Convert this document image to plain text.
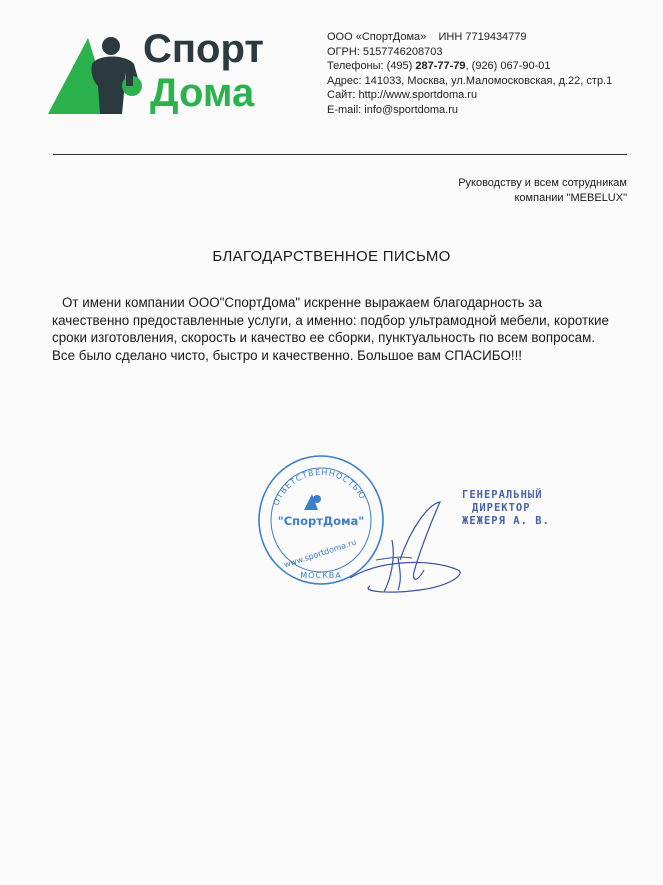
Спорт
Дома
ООО «СпортДома» ИНН 7719434779
ОГРН: 5157746208703
Телефоны: (495) 287-77-79, (926) 067-90-01
Адрес: 141033, Москва, ул.Маломосковская, д.22, стр.1
Сайт: http://www.sportdoma.ru
E-mail: info@sportdoma.ru
Руководству и всем сотрудникам
компании "MEBELUX"
БЛАГОДАРСТВЕННОЕ ПИСЬМО

От имени компании ООО"СпортДома" искренне выражаем благодарность за

качественно предоставленные услуги, а именно: подбор ультрамодной мебели, короткие
сроки изготовления, скорость и качество ее сборки, пунктуальность по всем вопросам.
Все было сделано чисто, быстро и качественно. Большое вам СПАСИБО!!!
ОТВЕТСТВЕННОСТЬЮ
"СпортДома"
www.sportdoma.ru
МОСКВА
ГЕНЕРАЛЬНЫЙ
ДИРЕКТОР
ЖЕЖЕРЯ А. В.
